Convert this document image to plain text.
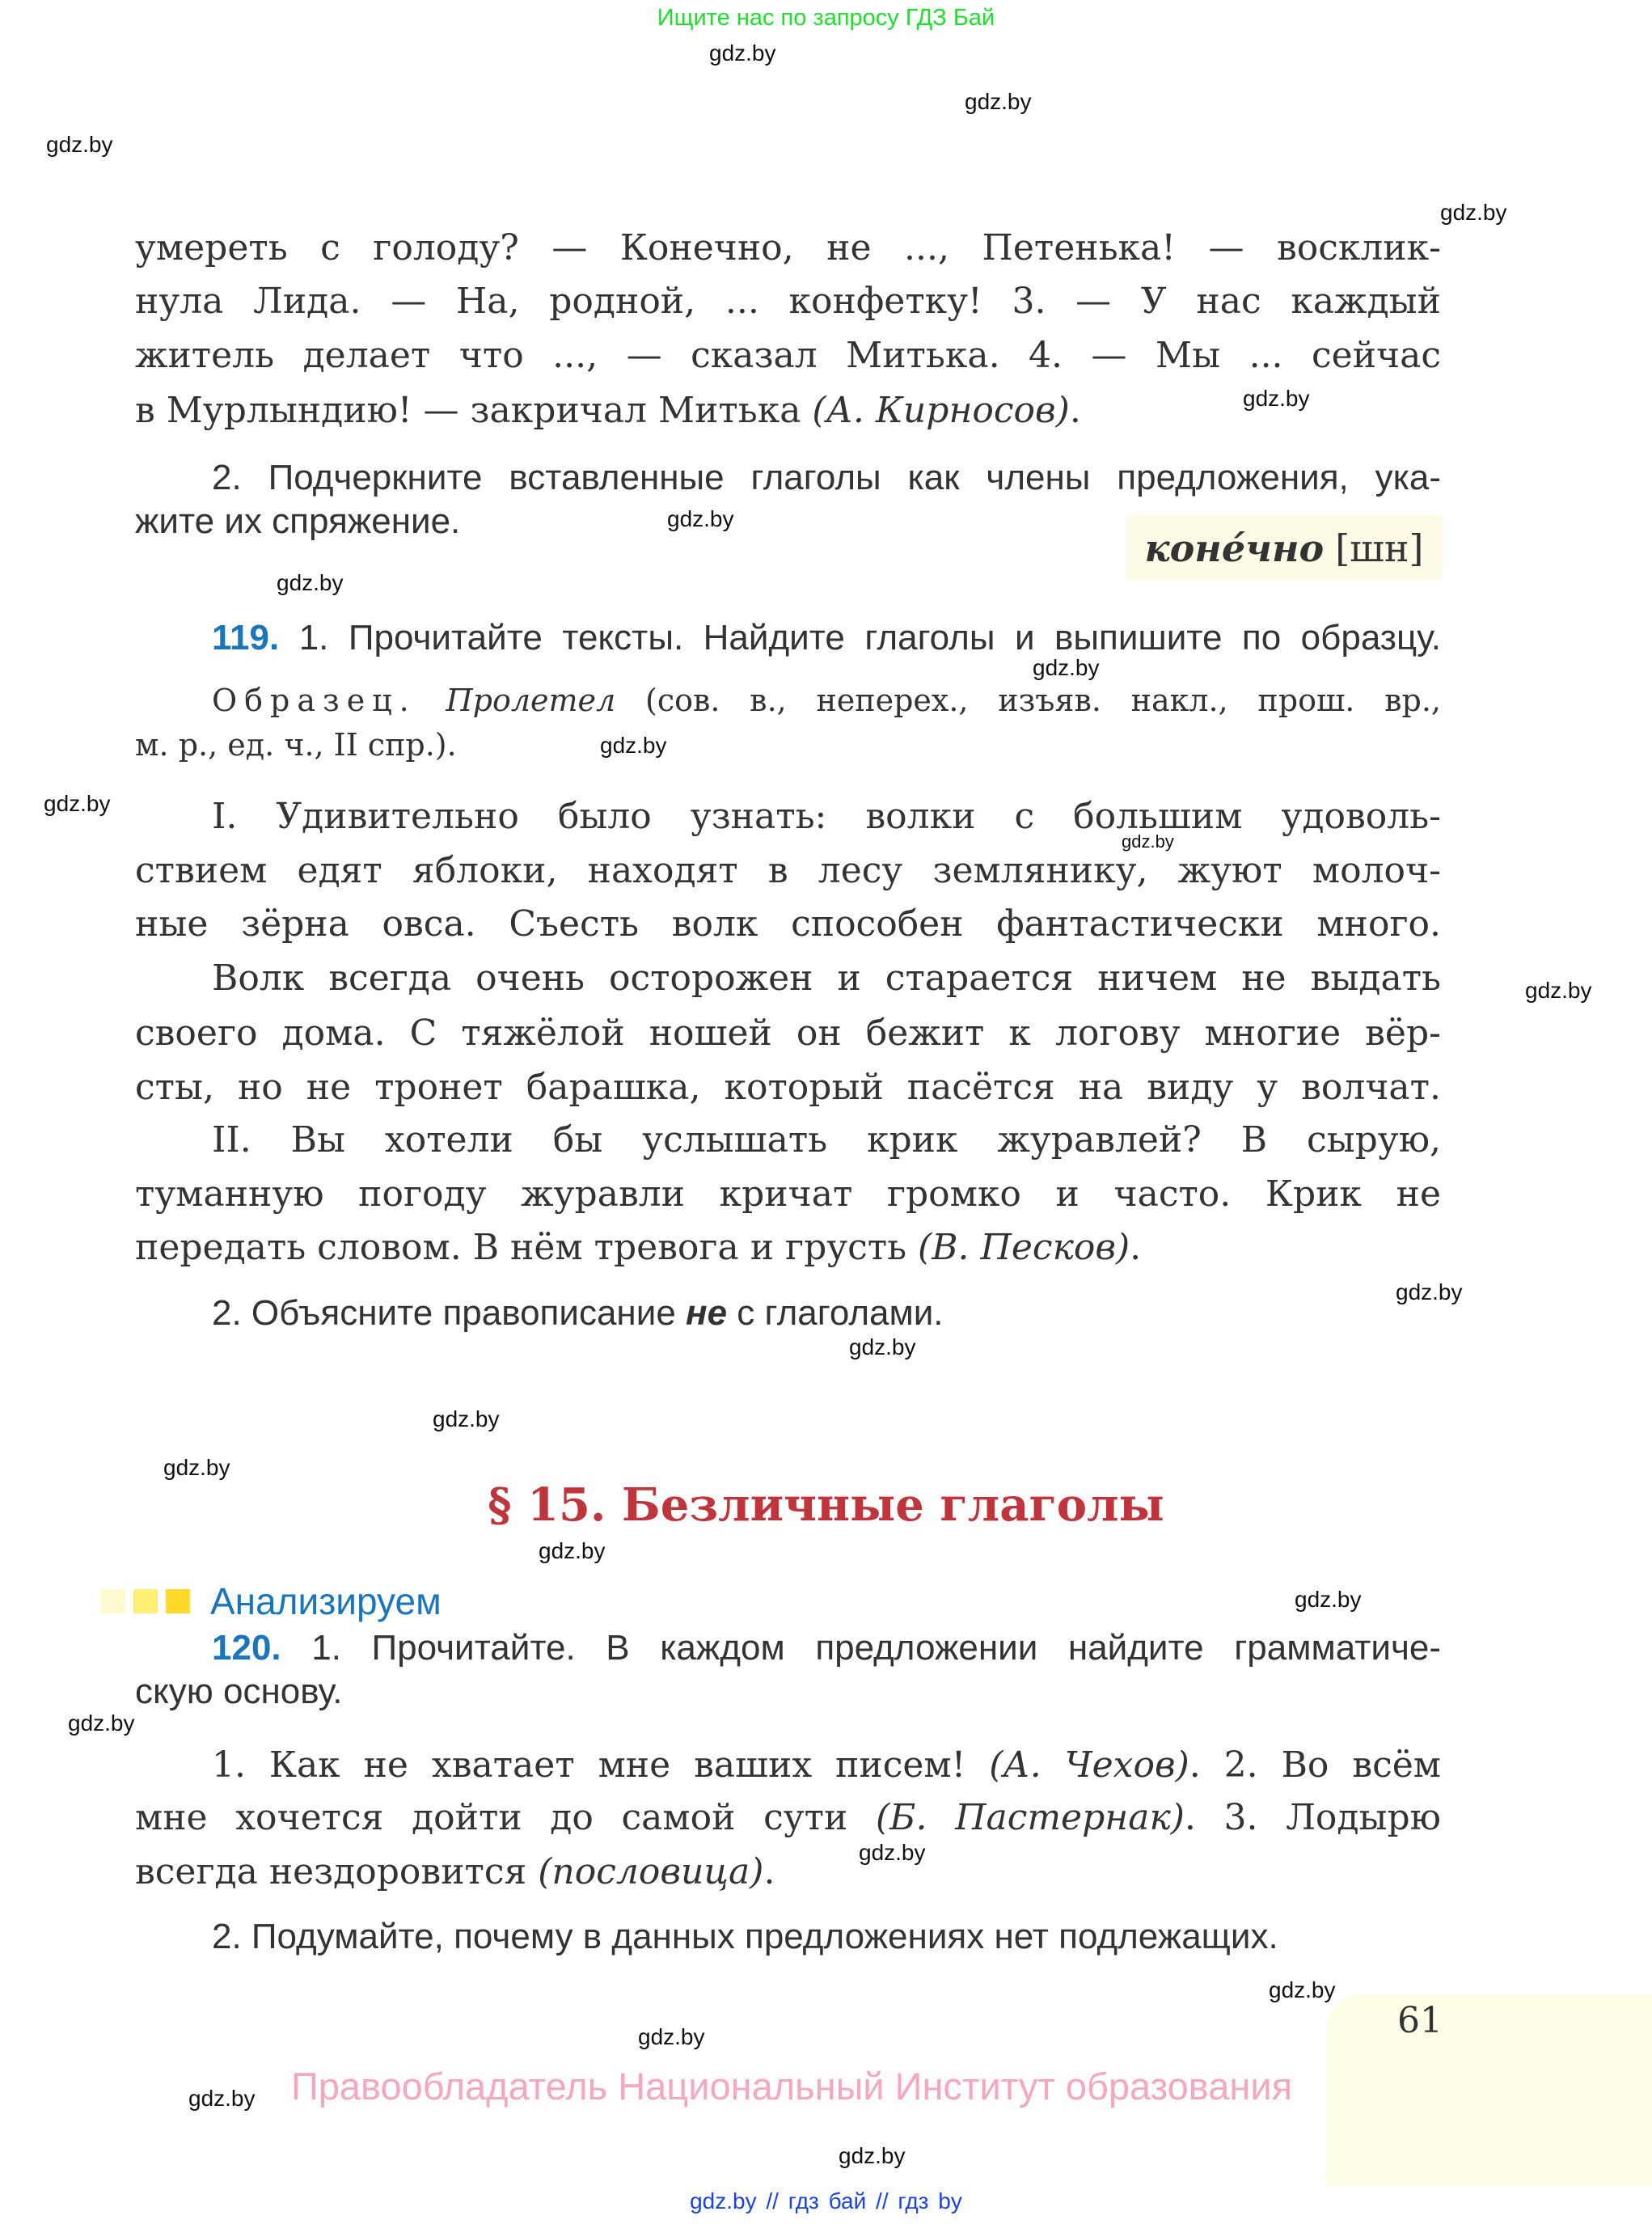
Ищите нас по запросу ГДЗ Бай
gdz.by
gdz.by
gdz.by
gdz.by
gdz.by
gdz.by
gdz.by
gdz.by
gdz.by
gdz.by
gdz.by
gdz.by
gdz.by
gdz.by
gdz.by
gdz.by
gdz.by
gdz.by
gdz.by
gdz.by
gdz.by
gdz.by
gdz.by
gdz.by
умереть с голоду? — Конечно, не ..., Петенька! — восклик-
нула Лида. — На, родной, ... конфетку! 3. — У нас каждый
житель делает что ..., — сказал Митька. 4. — Мы ... сейчас
в Мурлындию! — закричал Митька (А. Кирносов).
2. Подчеркните вставленные глаголы как члены предложения, ука-
жите их спряжение.
коне́чно [шн]
119. 1. Прочитайте тексты. Найдите глаголы и выпишите по образцу.
Образец. Пролетел (сов. в., неперех., изъяв. накл., прош. вр.,
м. р., ед. ч., II спр.).
I. Удивительно было узнать: волки с большим удоволь-
ствием едят яблоки, находят в лесу землянику, жуют молоч-
ные зёрна овса. Съесть волк способен фантастически много.
Волк всегда очень осторожен и старается ничем не выдать
своего дома. С тяжёлой ношей он бежит к логову многие вёр-
сты, но не тронет барашка, который пасётся на виду у волчат.
II. Вы хотели бы услышать крик журавлей? В сырую,
туманную погоду журавли кричат громко и часто. Крик не
передать словом. В нём тревога и грусть (В. Песков).
2. Объясните правописание не с глаголами.
§ 15. Безличные глаголы
Анализируем
120. 1. Прочитайте. В каждом предложении найдите грамматиче-
скую основу.
1. Как не хватает мне ваших писем! (А. Чехов). 2. Во всём
мне хочется дойти до самой сути (Б. Пастернак). 3. Лодырю
всегда нездоровится (пословица).
2. Подумайте, почему в данных предложениях нет подлежащих.
61
Правообладатель Национальный Институт образования
gdz.by // гдз бай // гдз by
